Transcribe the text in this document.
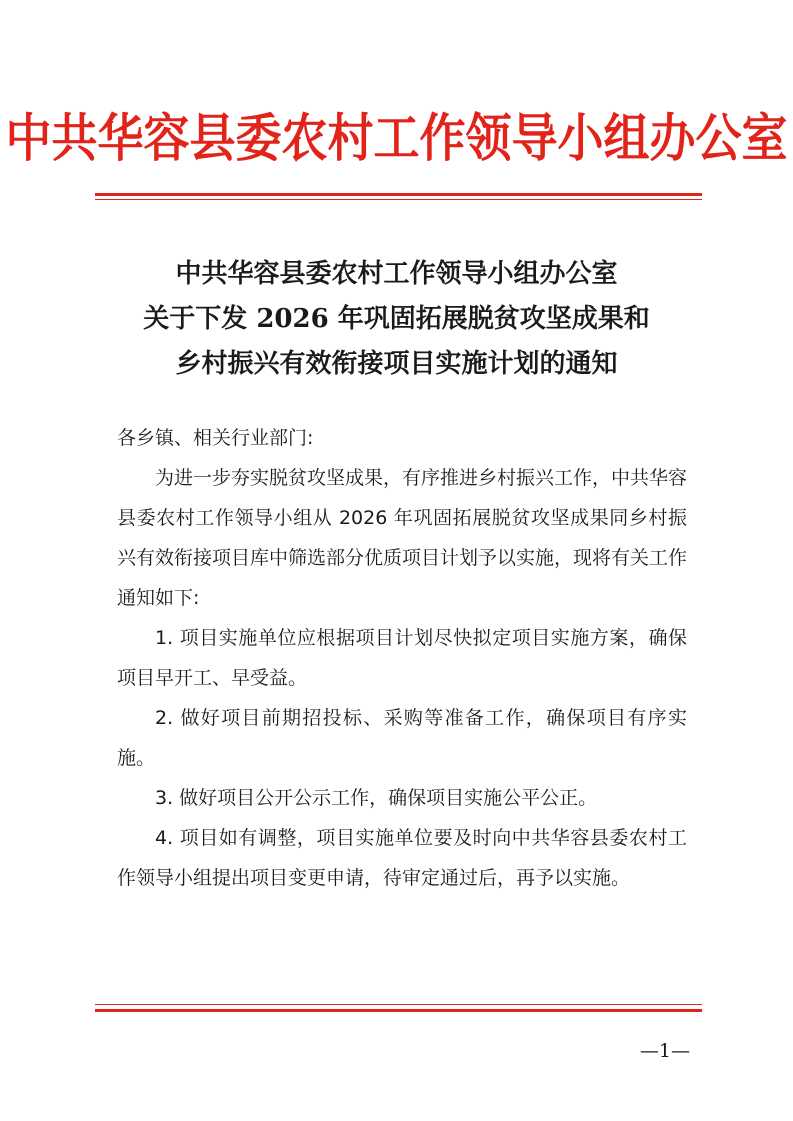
中共华容县委农村工作领导小组办公室
中共华容县委农村工作领导小组办公室
关于下发 2026 年巩固拓展脱贫攻坚成果和
乡村振兴有效衔接项目实施计划的通知

各乡镇、相关行业部门:

为进一步夯实脱贫攻坚成果，有序推进乡村振兴工作，中共华容县委农村工作领导小组从 2026 年巩固拓展脱贫攻坚成果同乡村振兴有效衔接项目库中筛选部分优质项目计划予以实施，现将有关工作通知如下:

1. 项目实施单位应根据项目计划尽快拟定项目实施方案，确保项目早开工、早受益。

2. 做好项目前期招投标、采购等准备工作，确保项目有序实施。

3. 做好项目公开公示工作，确保项目实施公平公正。

4. 项目如有调整，项目实施单位要及时向中共华容县委农村工作领导小组提出项目变更申请，待审定通过后，再予以实施。

—1—
